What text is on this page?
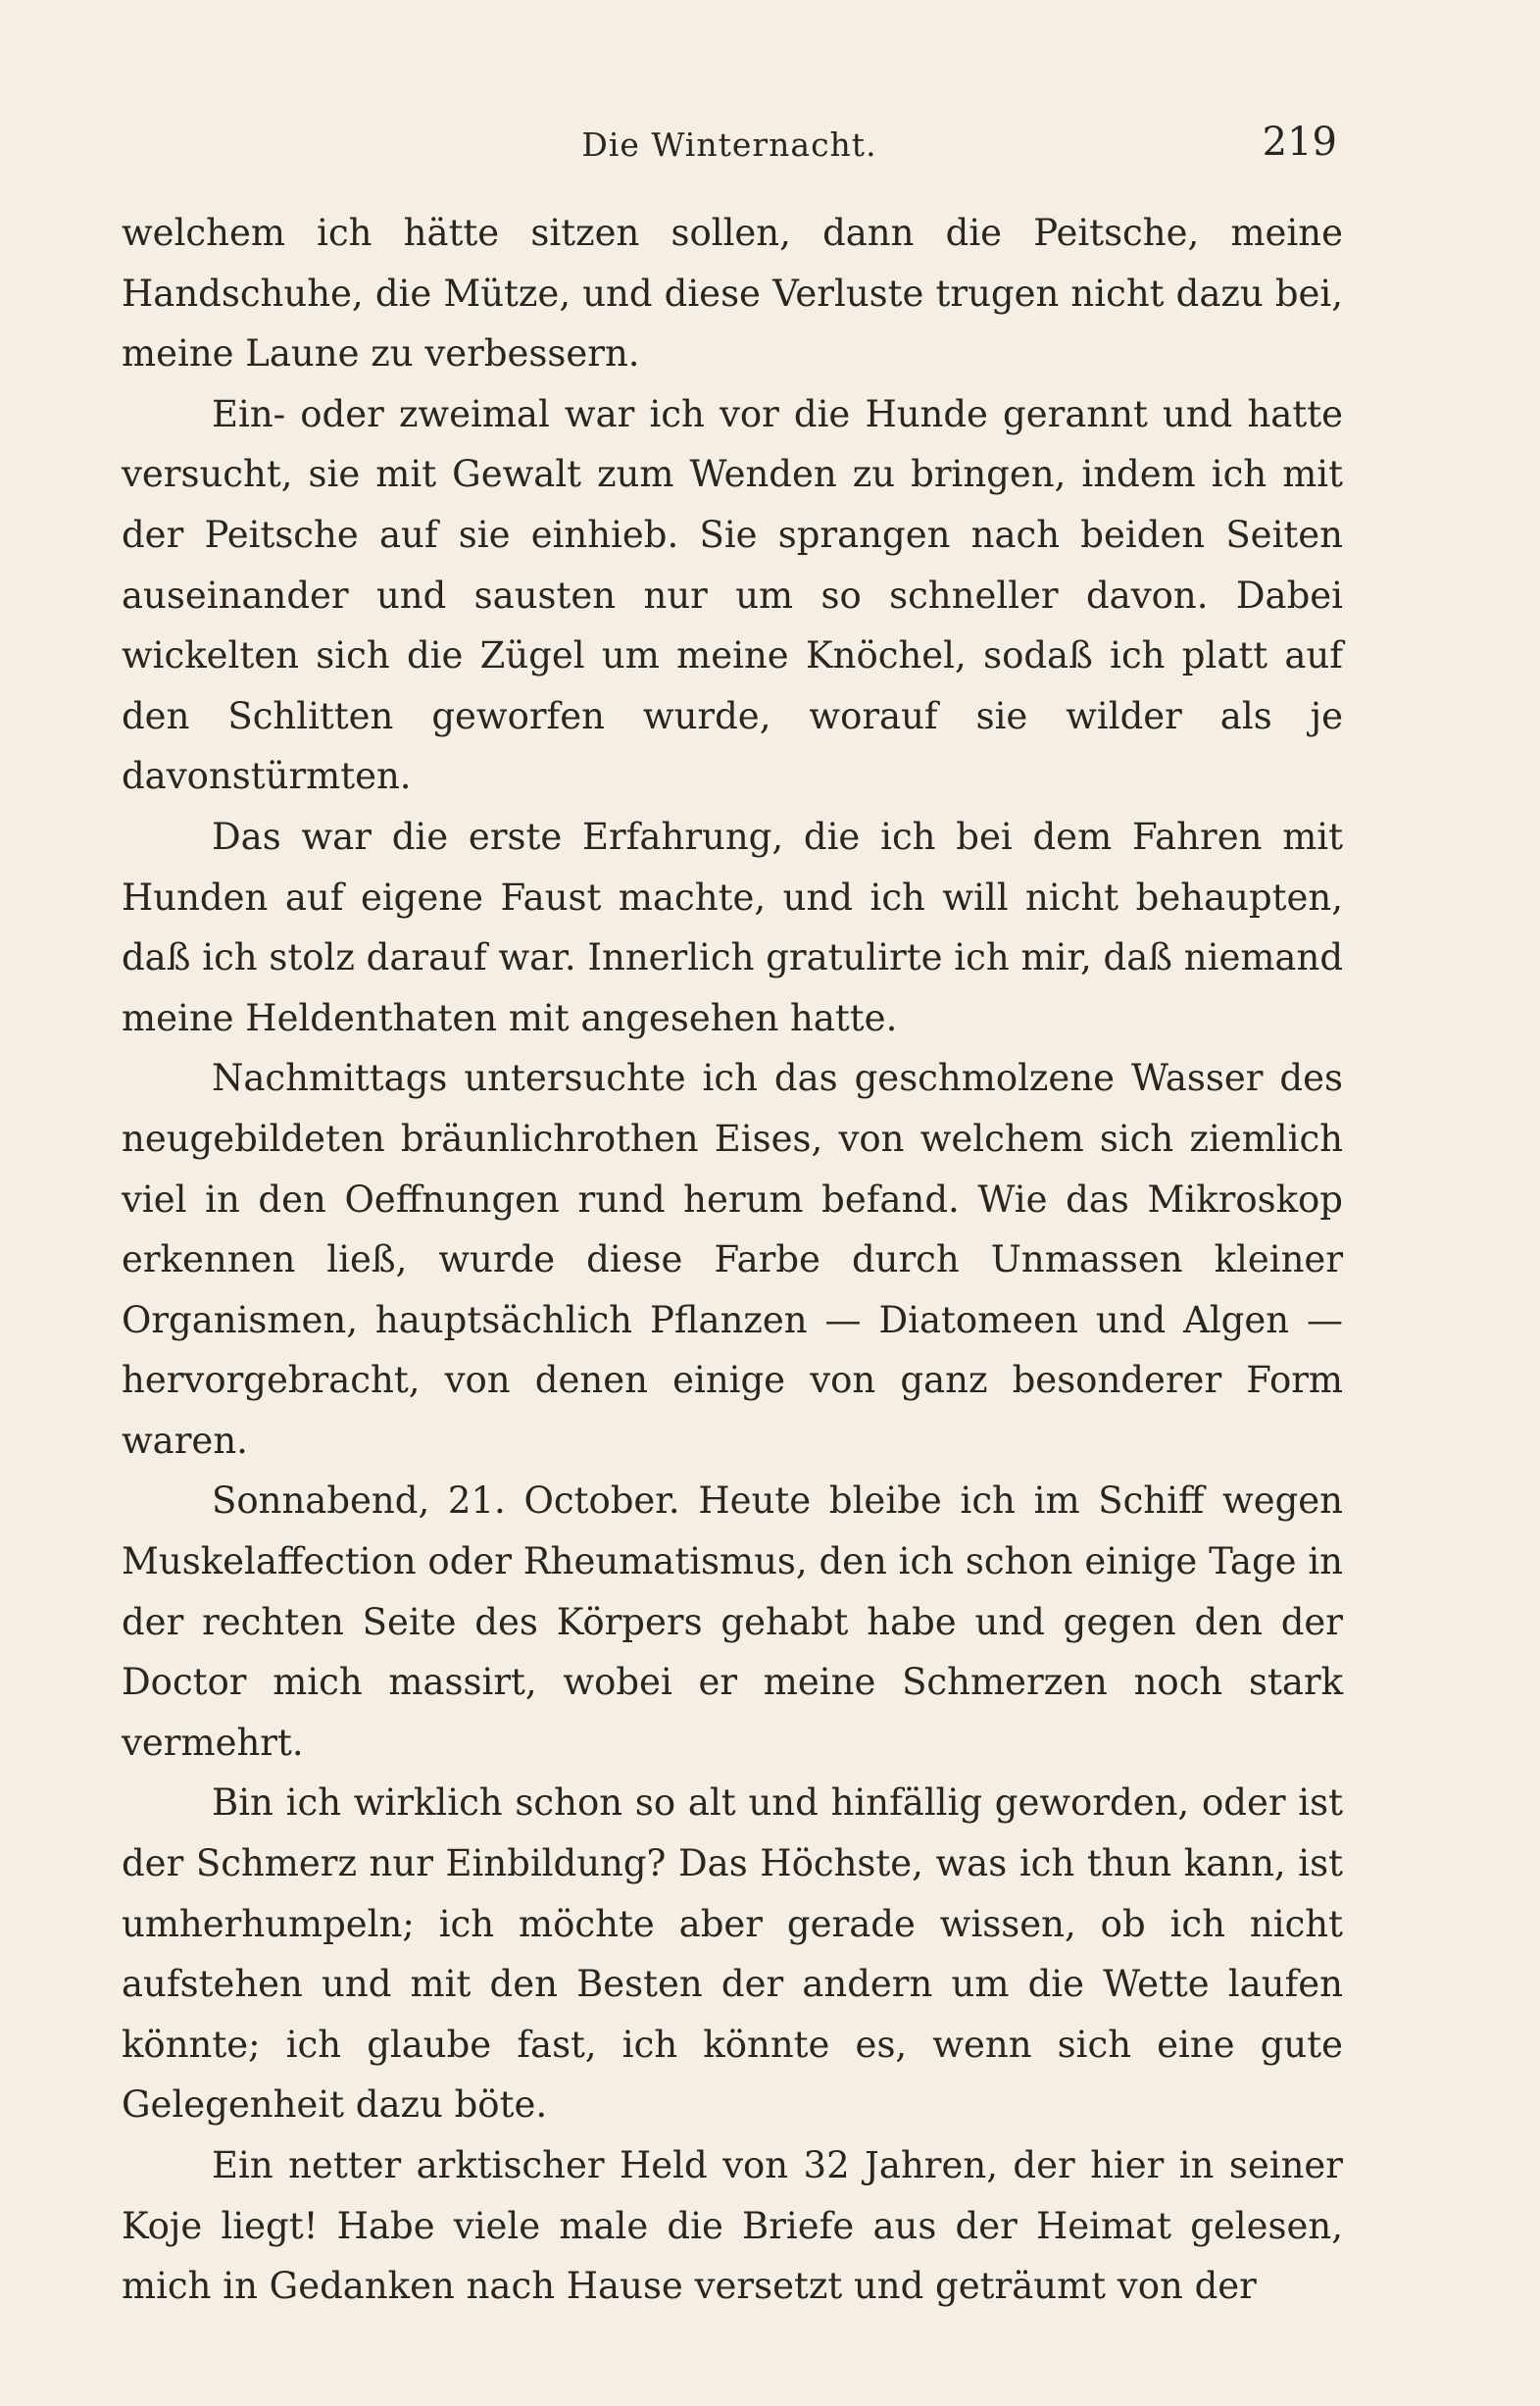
Die Winternacht.	219

welchem ich hätte sitzen sollen, dann die Peitsche, meine Handschuhe, die Mütze, und diese Verluste trugen nicht dazu bei, meine Laune zu verbessern.

Ein- oder zweimal war ich vor die Hunde gerannt und hatte versucht, sie mit Gewalt zum Wenden zu bringen, indem ich mit der Peitsche auf sie einhieb. Sie sprangen nach beiden Seiten auseinander und sausten nur um so schneller davon. Dabei wickelten sich die Zügel um meine Knöchel, sodaß ich platt auf den Schlitten geworfen wurde, worauf sie wilder als je davonstürmten.

Das war die erste Erfahrung, die ich bei dem Fahren mit Hunden auf eigene Faust machte, und ich will nicht behaupten, daß ich stolz darauf war. Innerlich gratulirte ich mir, daß niemand meine Heldenthaten mit angesehen hatte.

Nachmittags untersuchte ich das geschmolzene Wasser des neugebildeten bräunlichrothen Eises, von welchem sich ziemlich viel in den Oeffnungen rund herum befand. Wie das Mikroskop erkennen ließ, wurde diese Farbe durch Unmassen kleiner Organismen, hauptsächlich Pflanzen — Diatomeen und Algen — hervorgebracht, von denen einige von ganz besonderer Form waren.

Sonnabend, 21. October. Heute bleibe ich im Schiff wegen Muskelaffection oder Rheumatismus, den ich schon einige Tage in der rechten Seite des Körpers gehabt habe und gegen den der Doctor mich massirt, wobei er meine Schmerzen noch stark vermehrt.

Bin ich wirklich schon so alt und hinfällig geworden, oder ist der Schmerz nur Einbildung? Das Höchste, was ich thun kann, ist umherhumpeln; ich möchte aber gerade wissen, ob ich nicht aufstehen und mit den Besten der andern um die Wette laufen könnte; ich glaube fast, ich könnte es, wenn sich eine gute Gelegenheit dazu böte.

Ein netter arktischer Held von 32 Jahren, der hier in seiner Koje liegt! Habe viele male die Briefe aus der Heimat gelesen, mich in Gedanken nach Hause versetzt und geträumt von der
